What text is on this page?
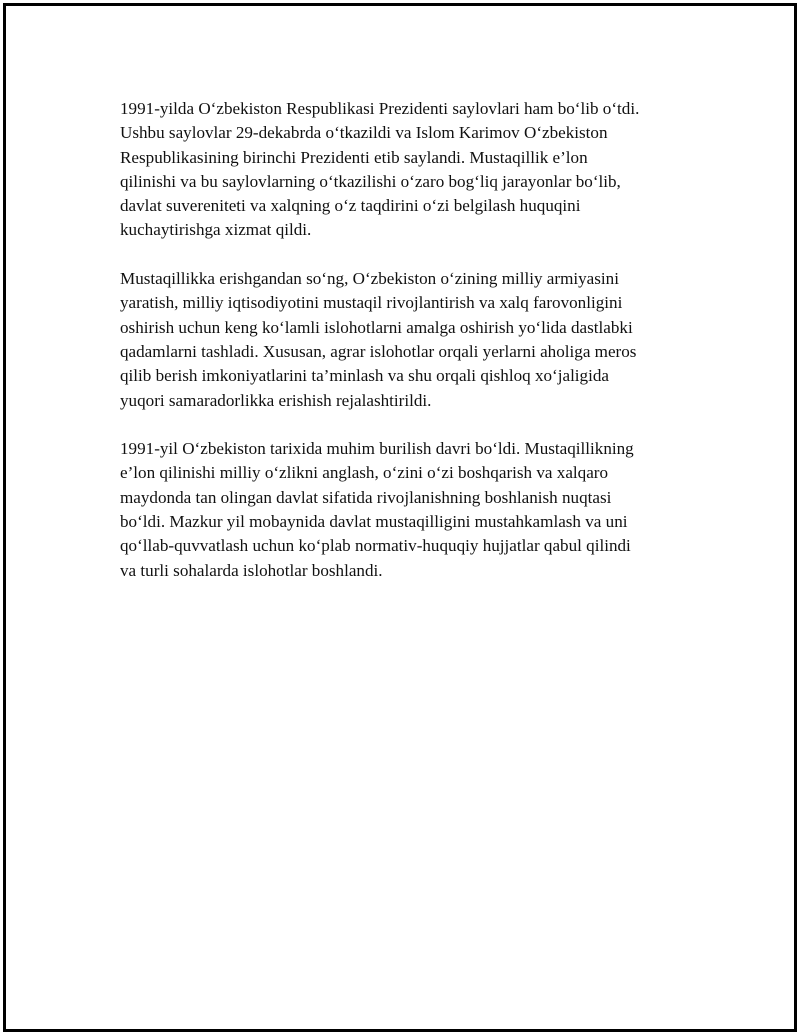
1991-yilda O‘zbekiston Respublikasi Prezidenti saylovlari ham bo‘lib o‘tdi.
Ushbu saylovlar 29-dekabrda o‘tkazildi va Islom Karimov O‘zbekiston
Respublikasining birinchi Prezidenti etib saylandi. Mustaqillik e’lon
qilinishi va bu saylovlarning o‘tkazilishi o‘zaro bog‘liq jarayonlar bo‘lib,
davlat suvereniteti va xalqning o‘z taqdirini o‘zi belgilash huquqini
kuchaytirishga xizmat qildi.

Mustaqillikka erishgandan so‘ng, O‘zbekiston o‘zining milliy armiyasini
yaratish, milliy iqtisodiyotini mustaqil rivojlantirish va xalq farovonligini
oshirish uchun keng ko‘lamli islohotlarni amalga oshirish yo‘lida dastlabki
qadamlarni tashladi. Xususan, agrar islohotlar orqali yerlarni aholiga meros
qilib berish imkoniyatlarini ta’minlash va shu orqali qishloq xo‘jaligida
yuqori samaradorlikka erishish rejalashtirildi.

1991-yil O‘zbekiston tarixida muhim burilish davri bo‘ldi. Mustaqillikning
e’lon qilinishi milliy o‘zlikni anglash, o‘zini o‘zi boshqarish va xalqaro
maydonda tan olingan davlat sifatida rivojlanishning boshlanish nuqtasi
bo‘ldi. Mazkur yil mobaynida davlat mustaqilligini mustahkamlash va uni
qo‘llab-quvvatlash uchun ko‘plab normativ-huquqiy hujjatlar qabul qilindi
va turli sohalarda islohotlar boshlandi.
